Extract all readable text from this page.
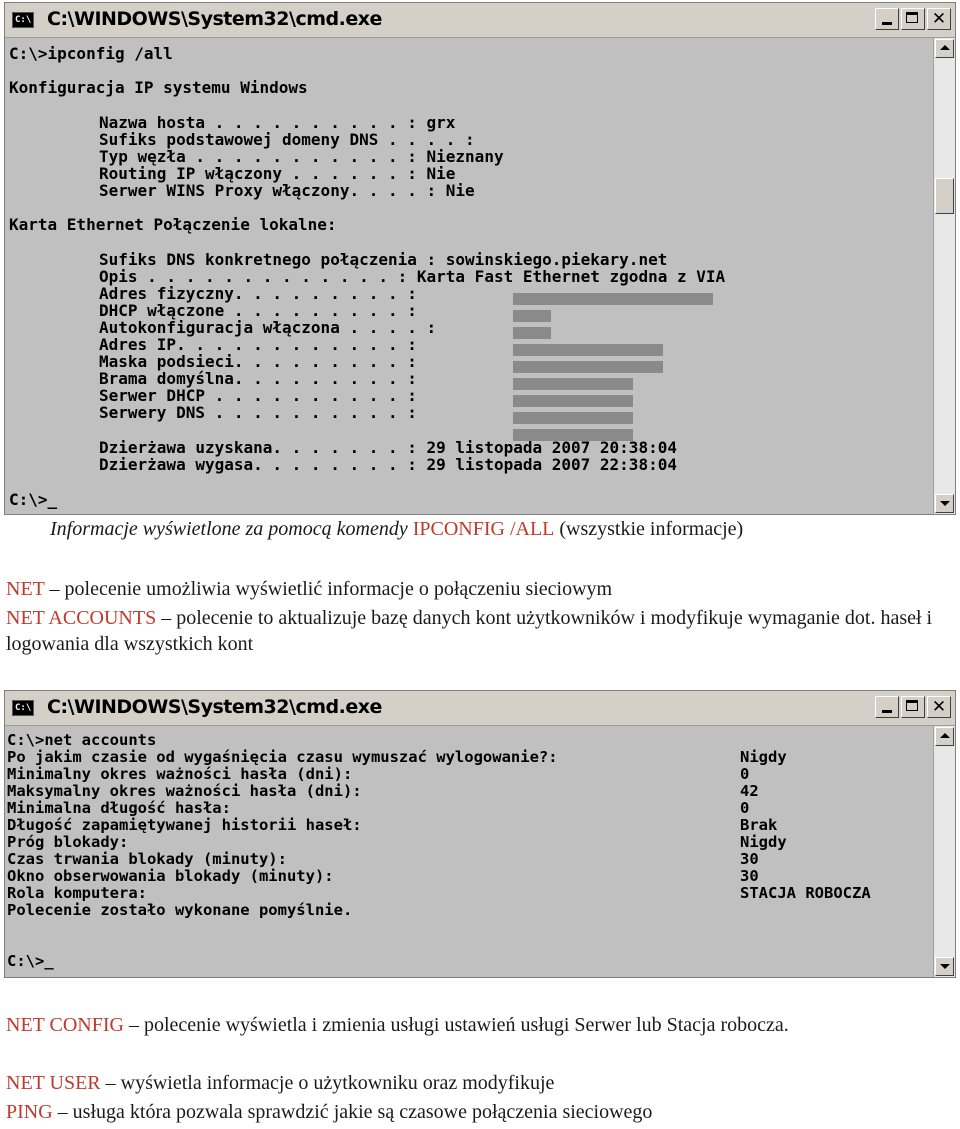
C:\ C:\WINDOWS\System32\cmd.exe	✕
C:\>ipconfig /all
Konfiguracja IP systemu Windows
Nazwa hosta . . . . . . . . . . : grx
Sufiks podstawowej domeny DNS . . . . :
Typ węzła . . . . . . . . . . . : Nieznany
Routing IP włączony . . . . . . : Nie
Serwer WINS Proxy włączony. . . . : Nie
Karta Ethernet Połączenie lokalne:
Sufiks DNS konkretnego połączenia : sowinskiego.piekary.net
Opis . . . . . . . . . . . . . : Karta Fast Ethernet zgodna z VIA
Adres fizyczny. . . . . . . . . :
DHCP włączone . . . . . . . . . :
Autokonfiguracja włączona . . . . :
Adres IP. . . . . . . . . . . . :
Maska podsieci. . . . . . . . . :
Brama domyślna. . . . . . . . . :
Serwer DHCP . . . . . . . . . . :
Serwery DNS . . . . . . . . . . :
Dzierżawa uzyskana. . . . . . . : 29 listopada 2007 20:38:04
Dzierżawa wygasa. . . . . . . . : 29 listopada 2007 22:38:04
C:\>_
Informacje wyświetlone za pomocą komendy IPCONFIG /ALL (wszystkie informacje)
NET – polecenie umożliwia wyświetlić informacje o połączeniu sieciowym
NET ACCOUNTS – polecenie to aktualizuje bazę danych kont użytkowników i modyfikuje wymaganie dot. haseł i logowania dla wszystkich kont
C:\ C:\WINDOWS\System32\cmd.exe	✕
C:\>net accounts
Po jakim czasie od wygaśnięcia czasu wymuszać wylogowanie?:	Nigdy
Minimalny okres ważności hasła (dni):	0
Maksymalny okres ważności hasła (dni):	42
Minimalna długość hasła:	0
Długość zapamiętywanej historii haseł:	Brak
Próg blokady:	Nigdy
Czas trwania blokady (minuty):	30
Okno obserwowania blokady (minuty):	30
Rola komputera:	STACJA ROBOCZA
Polecenie zostało wykonane pomyślnie.
C:\>_
NET CONFIG – polecenie wyświetla i zmienia usługi ustawień usługi Serwer lub Stacja robocza.
NET USER – wyświetla informacje o użytkowniku oraz modyfikuje
PING – usługa która pozwala sprawdzić jakie są czasowe połączenia sieciowego
